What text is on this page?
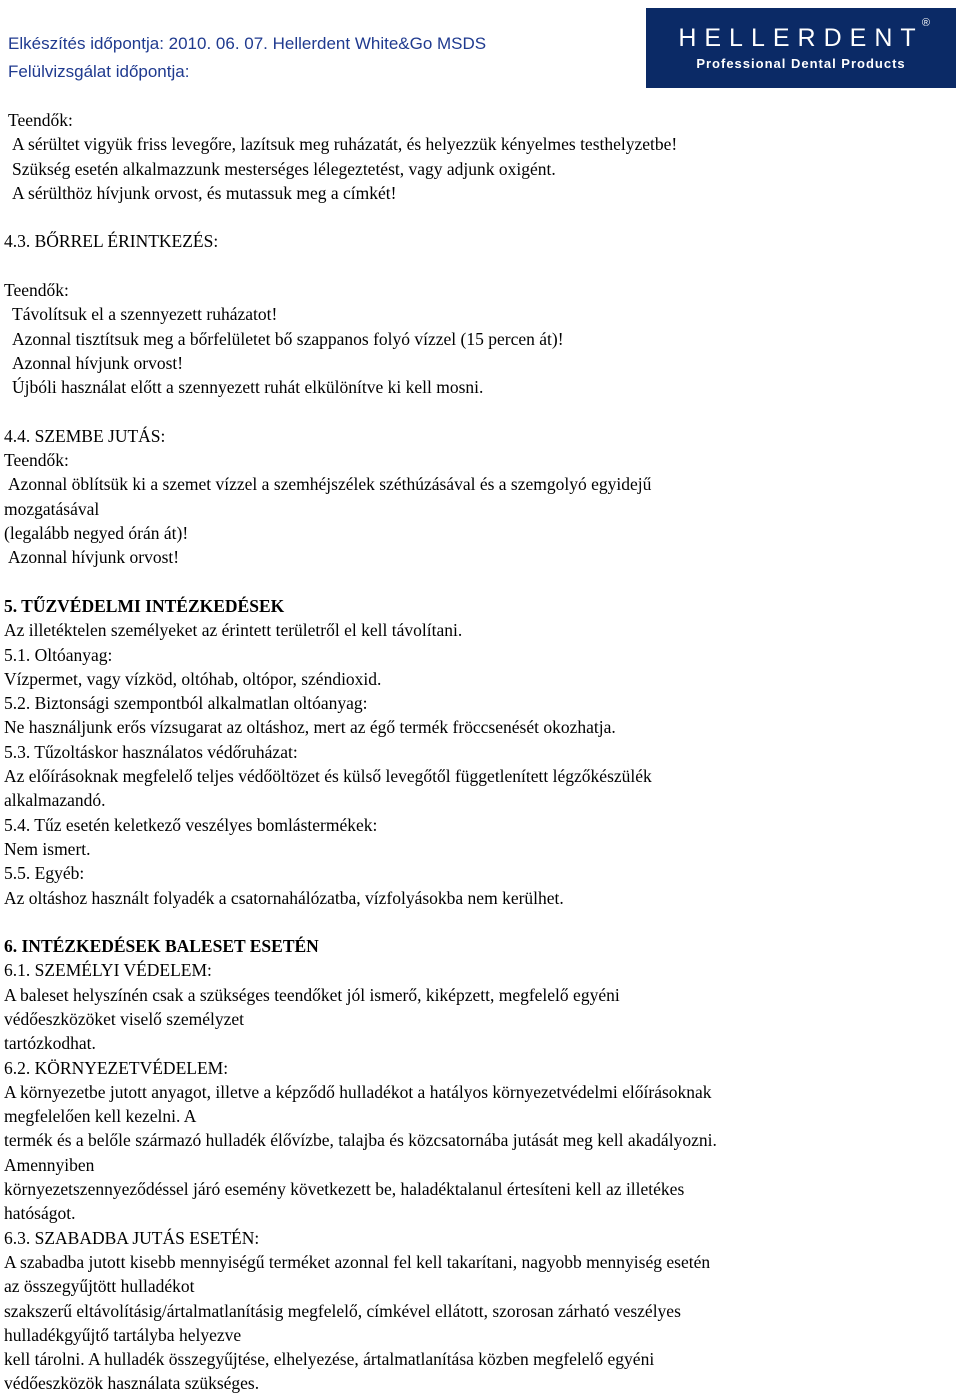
Elkészítés időpontja: 2010. 06. 07. Hellerdent White&Go MSDS
Felülvizsgálat időpontja:
HELLERDENT
®
Professional Dental Products
Teendők:
A sérültet vigyük friss levegőre, lazítsuk meg ruházatát, és helyezzük kényelmes testhelyzetbe!
Szükség esetén alkalmazzunk mesterséges lélegeztetést, vagy adjunk oxigént.
A sérülthöz hívjunk orvost, és mutassuk meg a címkét!
4.3. BŐRREL ÉRINTKEZÉS:
Teendők:
Távolítsuk el a szennyezett ruházatot!
Azonnal tisztítsuk meg a bőrfelületet bő szappanos folyó vízzel (15 percen át)!
Azonnal hívjunk orvost!
Újbóli használat előtt a szennyezett ruhát elkülönítve ki kell mosni.
4.4. SZEMBE JUTÁS:
Teendők:
Azonnal öblítsük ki a szemet vízzel a szemhéjszélek széthúzásával és a szemgolyó egyidejű
mozgatásával
(legalább negyed órán át)!
Azonnal hívjunk orvost!
5. TŰZVÉDELMI INTÉZKEDÉSEK
Az illetéktelen személyeket az érintett területről el kell távolítani.
5.1. Oltóanyag:
Vízpermet, vagy vízköd, oltóhab, oltópor, széndioxid.
5.2. Biztonsági szempontból alkalmatlan oltóanyag:
Ne használjunk erős vízsugarat az oltáshoz, mert az égő termék fröccsenését okozhatja.
5.3. Tűzoltáskor használatos védőruházat:
Az előírásoknak megfelelő teljes védőöltözet és külső levegőtől függetlenített légzőkészülék
alkalmazandó.
5.4. Tűz esetén keletkező veszélyes bomlástermékek:
Nem ismert.
5.5. Egyéb:
Az oltáshoz használt folyadék a csatornahálózatba, vízfolyásokba nem kerülhet.
6. INTÉZKEDÉSEK BALESET ESETÉN
6.1. SZEMÉLYI VÉDELEM:
A baleset helyszínén csak a szükséges teendőket jól ismerő, kiképzett, megfelelő egyéni
védőeszközöket viselő személyzet
tartózkodhat.
6.2. KÖRNYEZETVÉDELEM:
A környezetbe jutott anyagot, illetve a képződő hulladékot a hatályos környezetvédelmi előírásoknak
megfelelően kell kezelni. A
termék és a belőle származó hulladék élővízbe, talajba és közcsatornába jutását meg kell akadályozni.
Amennyiben
környezetszennyeződéssel járó esemény következett be, haladéktalanul értesíteni kell az illetékes
hatóságot.
6.3. SZABADBA JUTÁS ESETÉN:
A szabadba jutott kisebb mennyiségű terméket azonnal fel kell takarítani, nagyobb mennyiség esetén
az összegyűjtött hulladékot
szakszerű eltávolításig/ártalmatlanításig megfelelő, címkével ellátott, szorosan zárható veszélyes
hulladékgyűjtő tartályba helyezve
kell tárolni. A hulladék összegyűjtése, elhelyezése, ártalmatlanítása közben megfelelő egyéni
védőeszközök használata szükséges.
